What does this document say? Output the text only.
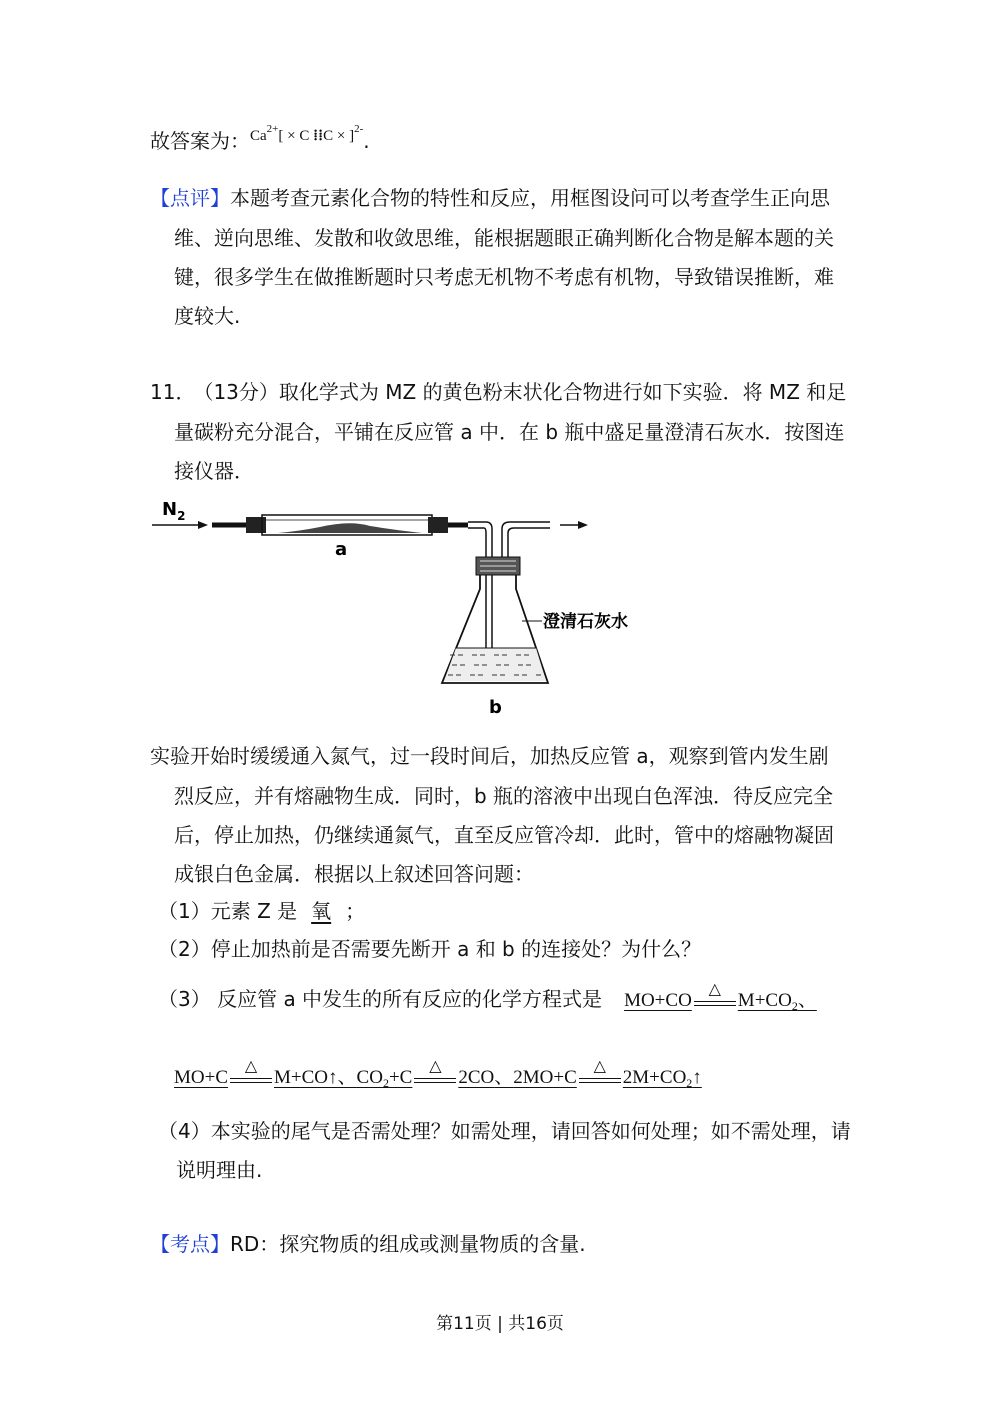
故答案为：$^{Ca^{2+}[ \times C ⁞⁞C \times ]^{2-}}$.
【点评】本题考查元素化合物的特性和反应，用框图设问可以考查学生正向思
维、逆向思维、发散和收敛思维，能根据题眼正确判断化合物是解本题的关
键，很多学生在做推断题时只考虑无机物不考虑有机物，导致错误推断，难
度较大.
11． （13分）取化学式为 MZ 的黄色粉末状化合物进行如下实验．将 MZ 和足
量碳粉充分混合，平铺在反应管 a 中．在 b 瓶中盛足量澄清石灰水．按图连
接仪器．
$N_2$
a
澄清石灰水
b
实验开始时缓缓通入氮气，过一段时间后，加热反应管 a，观察到管内发生剧
烈反应，并有熔融物生成．同时，b 瓶的溶液中出现白色浑浊．待反应完全
后，停止加热，仍继续通氮气，直至反应管冷却．此时，管中的熔融物凝固
成银白色金属．根据以上叙述回答问题：
（1）元素 Z 是 氧 ；
（2）停止加热前是否需要先断开 a 和 b 的连接处？为什么？
（3） 反应管 a 中发生的所有反应的化学方程式是 MO+CO
△
$M+CO_2$、
MO+C
△
M+CO↑、$CO_2+C$
△
2CO、2MO+C
△
$2M+CO_2↑$
（4）本实验的尾气是否需处理？如需处理，请回答如何处理；如不需处理，请
说明理由.
【考点】RD：探究物质的组成或测量物质的含量.
第11页 | 共16页
